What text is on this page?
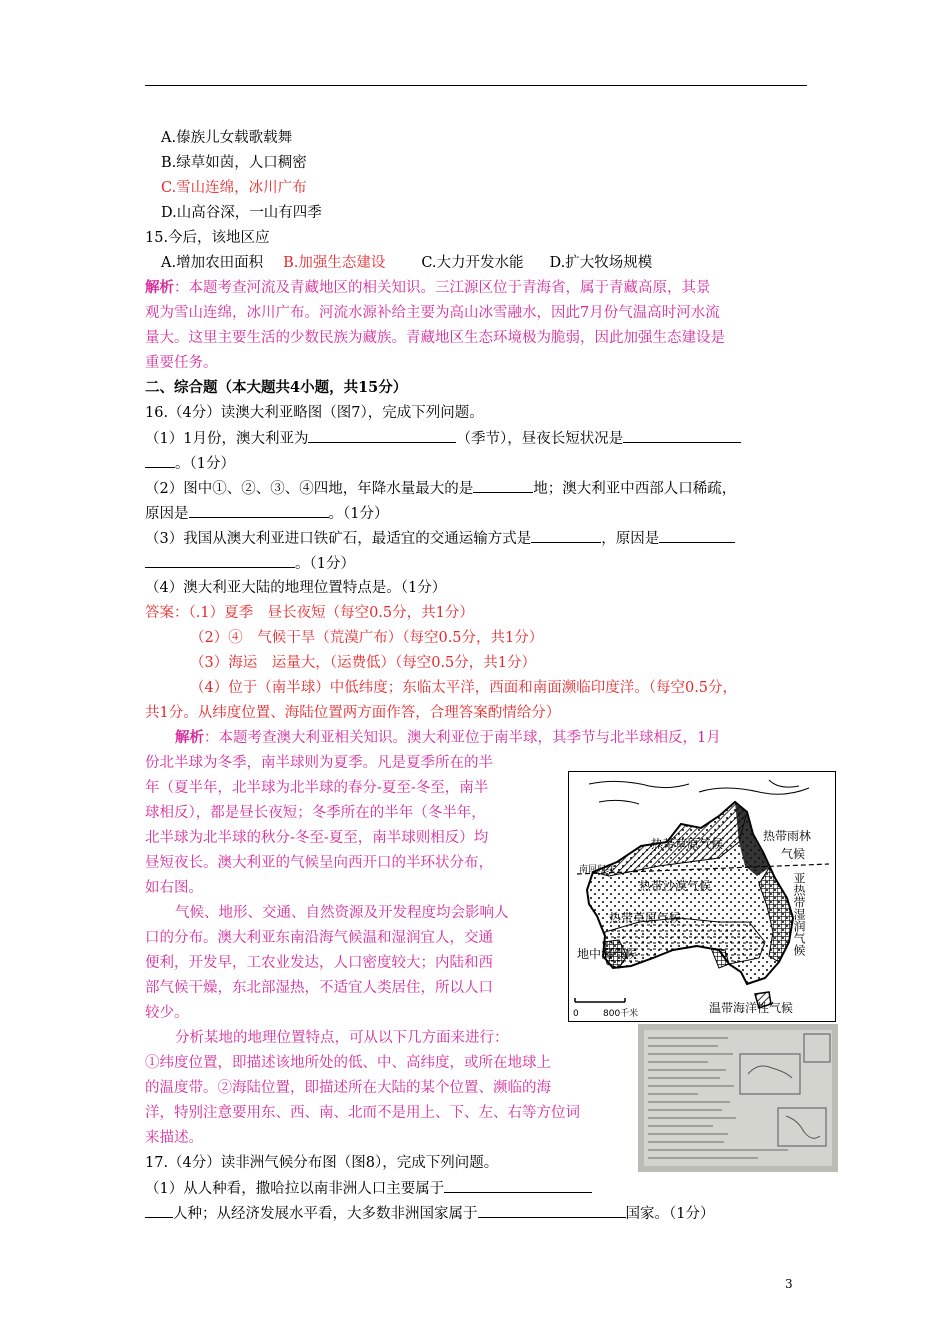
A.傣族儿女载歌载舞
B.绿草如茵，人口稠密
C.雪山连绵，冰川广布
D.山高谷深，一山有四季
15.今后，该地区应
A.增加农田面积 B.加强生态建设 C.大力开发水能 D.扩大牧场规模
解析：本题考查河流及青藏地区的相关知识。三江源区位于青海省，属于青藏高原，其景
观为雪山连绵，冰川广布。河流水源补给主要为高山冰雪融水，因此7月份气温高时河水流
量大。这里主要生活的少数民族为藏族。青藏地区生态环境极为脆弱，因此加强生态建设是
重要任务。
二、综合题（本大题共4小题，共15分）
16.（4分）读澳大利亚略图（图7），完成下列问题。
（1）1月份，澳大利亚为	（季节），昼夜长短状况是
。（1分）
（2）图中①、②、③、④四地，年降水量最大的是	地；澳大利亚中西部人口稀疏，
原因是	。（1分）
（3）我国从澳大利亚进口铁矿石，最适宜的交通运输方式是	，原因是
。（1分）
（4）澳大利亚大陆的地理位置特点是。（1分）
答案：（.1）夏季　昼长夜短（每空0.5分，共1分）
（2）④　气候干旱（荒漠广布）（每空0.5分，共1分）
（3）海运　运量大，（运费低）（每空0.5分，共1分）
（4）位于（南半球）中低纬度；东临太平洋，西面和南面濒临印度洋。（每空0.5分，
共1分。从纬度位置、海陆位置两方面作答，合理答案酌情给分）
解析：本题考查澳大利亚相关知识。澳大利亚位于南半球，其季节与北半球相反，1月
份北半球为冬季，南半球则为夏季。凡是夏季所在的半
年（夏半年，北半球为北半球的春分-夏至-冬至，南半
球相反），都是昼长夜短；冬季所在的半年（冬半年，
北半球为北半球的秋分-冬至-夏至，南半球则相反）均
昼短夜长。澳大利亚的气候呈向西开口的半环状分布，
如右图。
气候、地形、交通、自然资源及开发程度均会影响人
口的分布。澳大利亚东南沿海气候温和湿润宜人，交通
便利，开发早，工农业发达，人口密度较大；内陆和西
部气候干燥，东北部湿热，不适宜人类居住，所以人口
较少。
分析某地的地理位置特点，可从以下几方面来进行：
①纬度位置，即描述该地所处的低、中、高纬度，或所在地球上
的温度带。②海陆位置，即描述所在大陆的某个位置、濒临的海
洋，特别注意要用东、西、南、北而不是用上、下、左、右等方位词
来描述。
17.（4分）读非洲气候分布图（图8），完成下列问题。
（1）从人种看，撒哈拉以南非洲人口主要属于
人种；从经济发展水平看，大多数非洲国家属于	国家。（1分）
热带草原气候
热带雨林
气候
南回归线
热带沙漠气候
热带草原气候	亚热带湿润气候
地中海气候
温带海洋性气候
0	800千米
3
